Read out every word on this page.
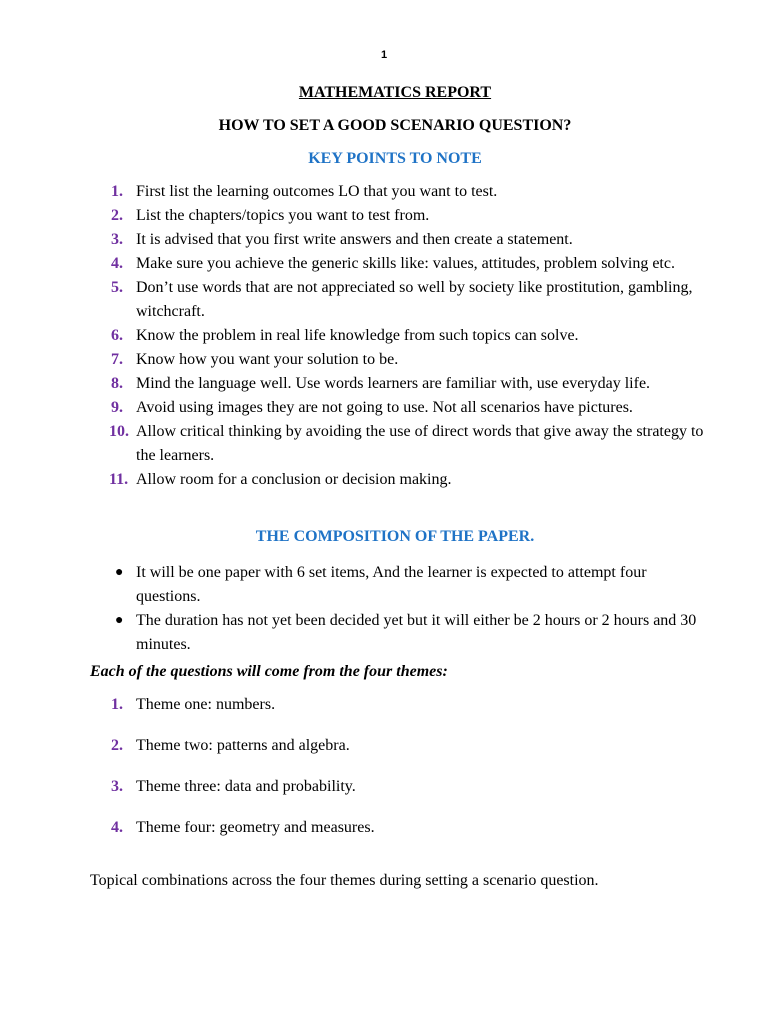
1
MATHEMATICS REPORT
HOW TO SET A GOOD SCENARIO QUESTION?
KEY POINTS TO NOTE
1. First list the learning outcomes LO that you want to test.
2. List the chapters/topics you want to test from.
3. It is advised that you first write answers and then create a statement.
4. Make sure you achieve the generic skills like: values, attitudes, problem solving etc.
5. Don’t use words that are not appreciated so well by society like prostitution, gambling, witchcraft.
6. Know the problem in real life knowledge from such topics can solve.
7. Know how you want your solution to be.
8. Mind the language well. Use words learners are familiar with, use everyday life.
9. Avoid using images they are not going to use. Not all scenarios have pictures.
10. Allow critical thinking by avoiding the use of direct words that give away the strategy to the learners.
11. Allow room for a conclusion or decision making.
THE COMPOSITION OF THE PAPER.
● It will be one paper with 6 set items, And the learner is expected to attempt four questions.
● The duration has not yet been decided yet but it will either be 2 hours or 2 hours and 30 minutes.
Each of the questions will come from the four themes:
1. Theme one: numbers.
2. Theme two: patterns and algebra.
3. Theme three: data and probability.
4. Theme four: geometry and measures.
Topical combinations across the four themes during setting a scenario question.
